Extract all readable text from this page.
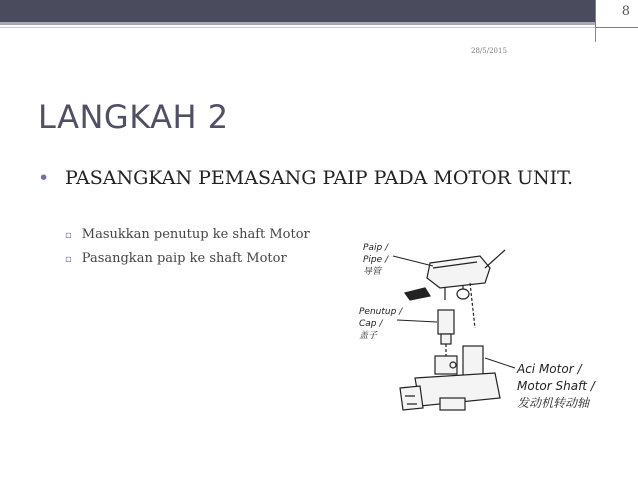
8
28/5/2015
LANGKAH 2
• PASANGKAN PEMASANG PAIP PADA MOTOR UNIT.
▫ Masukkan penutup ke shaft Motor
▫ Pasangkan paip ke shaft Motor
Paip /
Pipe /
导管
Penutup /
Cap /
盖子
Aci Motor /
Motor Shaft /
发动机转动轴
